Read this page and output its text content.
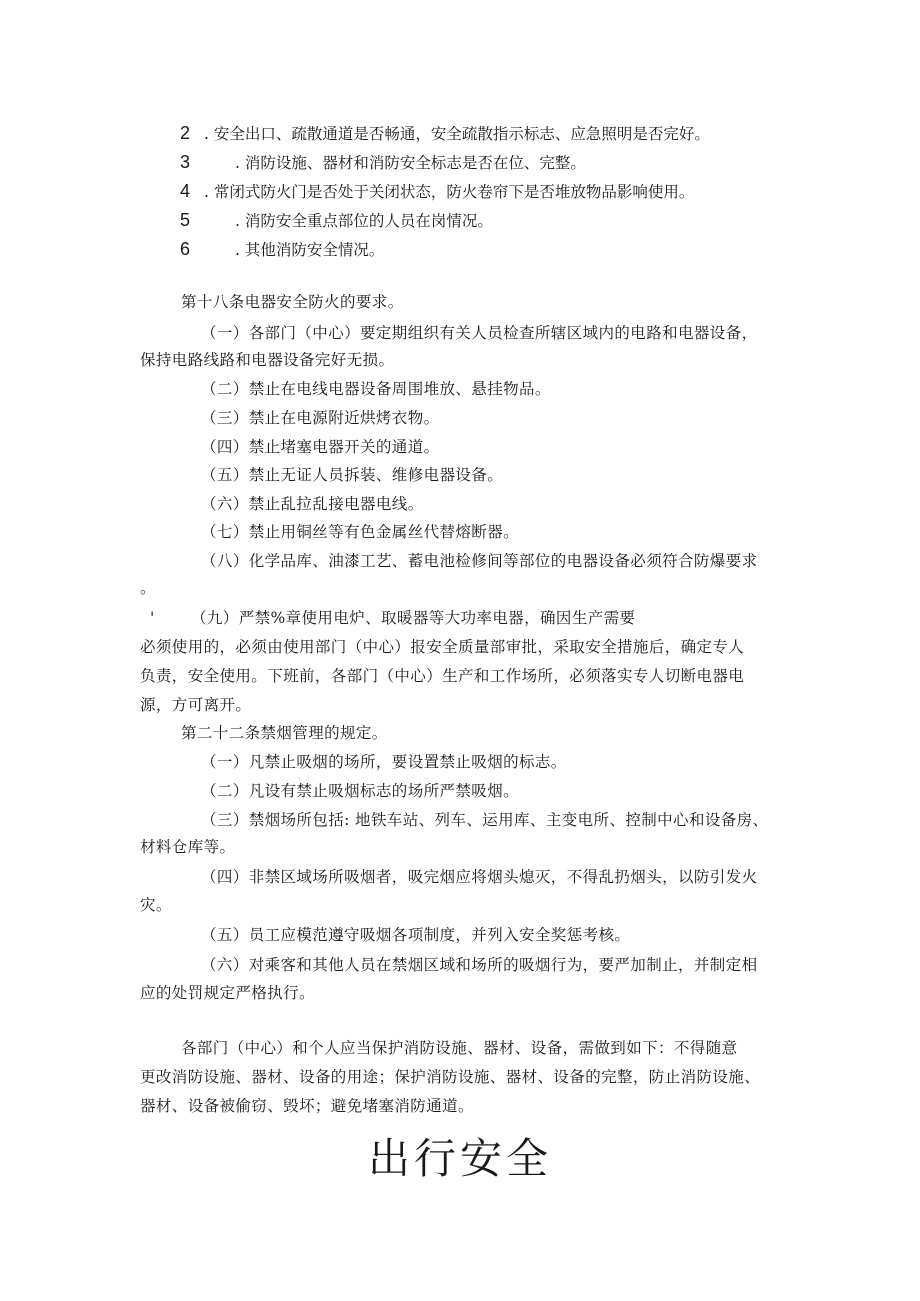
2 . 安全出口、疏散通道是否畅通，安全疏散指示标志、应急照明是否完好。
3　　. 消防设施、器材和消防安全标志是否在位、完整。
4 . 常闭式防火门是否处于关闭状态，防火卷帘下是否堆放物品影响使用。
5　　. 消防安全重点部位的人员在岗情况。
6　　. 其他消防安全情况。
第十八条电器安全防火的要求。
（一）各部门（中心）要定期组织有关人员检查所辖区域内的电路和电器设备，
保持电路线路和电器设备完好无损。
（二）禁止在电线电器设备周围堆放、悬挂物品。
（三）禁止在电源附近烘烤衣物。
（四）禁止堵塞电器开关的通道。
（五）禁止无证人员拆装、维修电器设备。
（六）禁止乱拉乱接电器电线。
（七）禁止用铜丝等有色金属丝代替熔断器。
（八）化学品库、油漆工艺、蓄电池检修间等部位的电器设备必须符合防爆要求
。
' （九）严禁%章使用电炉、取暖器等大功率电器，确因生产需要
必须使用的，必须由使用部门（中心）报安全质量部审批，采取安全措施后，确定专人
负责，安全使用。下班前，各部门（中心）生产和工作场所，必须落实专人切断电器电
源，方可离开。
第二十二条禁烟管理的规定。
（一）凡禁止吸烟的场所，要设置禁止吸烟的标志。
（二）凡设有禁止吸烟标志的场所严禁吸烟。
（三）禁烟场所包括: 地铁车站、列车、运用库、主变电所、控制中心和设备房、
材料仓库等。
（四）非禁区域场所吸烟者，吸完烟应将烟头熄灭，不得乱扔烟头，以防引发火
灾。
（五）员工应模范遵守吸烟各项制度，并列入安全奖惩考核。
（六）对乘客和其他人员在禁烟区域和场所的吸烟行为，要严加制止，并制定相
应的处罚规定严格执行。
各部门（中心）和个人应当保护消防设施、器材、设备，需做到如下：不得随意
更改消防设施、器材、设备的用途；保护消防设施、器材、设备的完整，防止消防设施、
器材、设备被偷窃、毁坏；避免堵塞消防通道。
出行安全
